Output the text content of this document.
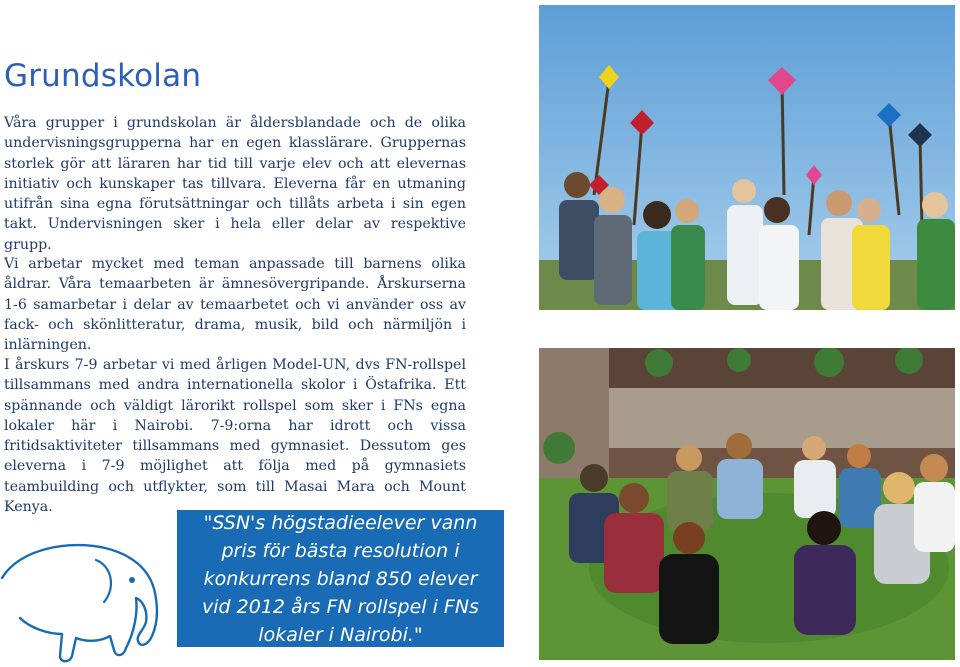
Grundskolan

Våra grupper i grundskolan är åldersblandade och de olika undervisningsgrupperna har en egen klasslärare. Gruppernas storlek gör att läraren har tid till varje elev och att elevernas initiativ och kunskaper tas tillvara. Eleverna får en utmaning utifrån sina egna förutsättningar och tillåts arbeta i sin egen takt. Undervisningen sker i hela eller delar av respektive grupp.

Vi arbetar mycket med teman anpassade till barnens olika åldrar. Våra temaarbeten är ämnesövergripande. Årskurserna 1-6 samarbetar i delar av temaarbetet och vi använder oss av fack- och skönlitteratur, drama, musik, bild och närmiljön i inlärningen.

I årskurs 7-9 arbetar vi med årligen Model-UN, dvs FN-rollspel tillsammans med andra internationella skolor i Östafrika. Ett spännande och väldigt lärorikt rollspel som sker i FNs egna lokaler här i Nairobi. 7-9:orna har idrott och vissa fritidsaktiviteter tillsammans med gymnasiet. Dessutom ges eleverna i 7-9 möjlighet att följa med på gymnasiets teambuilding och utflykter, som till Masai Mara och Mount Kenya.

"SSN's högstadieelever vann pris för bästa resolution i konkurrens bland 850 elever vid 2012 års FN rollspel i FNs lokaler i Nairobi."
